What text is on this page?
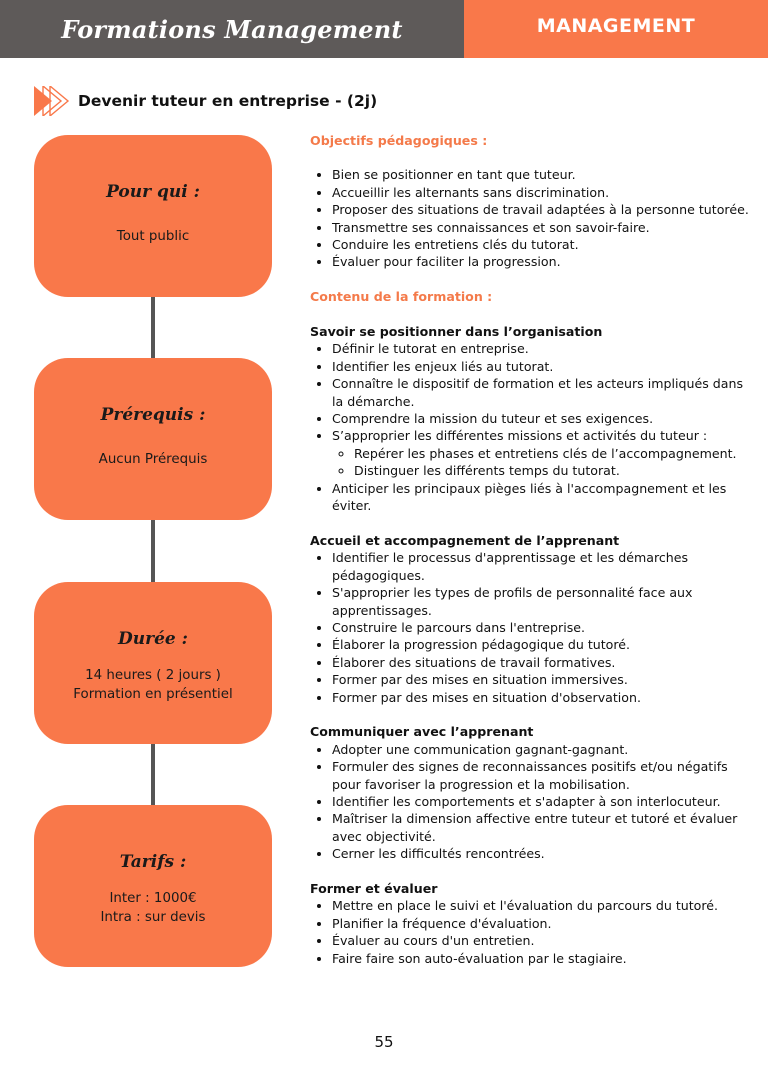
Formations Management	MANAGEMENT
Devenir tuteur en entreprise - (2j)
Pour qui :
Tout public
Prérequis :
Aucun Prérequis
Durée :
14 heures ( 2 jours )
Formation en présentiel
Tarifs :
Inter : 1000€
Intra : sur devis
Objectifs pédagogiques :
• Bien se positionner en tant que tuteur.
• Accueillir les alternants sans discrimination.
• Proposer des situations de travail adaptées à la personne tutorée.
• Transmettre ses connaissances et son savoir-faire.
• Conduire les entretiens clés du tutorat.
• Évaluer pour faciliter la progression.
Contenu de la formation :
Savoir se positionner dans l’organisation
• Définir le tutorat en entreprise.
• Identifier les enjeux liés au tutorat.
• Connaître le dispositif de formation et les acteurs impliqués dans la démarche.
• Comprendre la mission du tuteur et ses exigences.
• S’approprier les différentes missions et activités du tuteur :
◦ Repérer les phases et entretiens clés de l’accompagnement.
◦ Distinguer les différents temps du tutorat.
• Anticiper les principaux pièges liés à l'accompagnement et les éviter.
Accueil et accompagnement de l’apprenant
• Identifier le processus d'apprentissage et les démarches pédagogiques.
• S'approprier les types de profils de personnalité face aux apprentissages.
• Construire le parcours dans l'entreprise.
• Élaborer la progression pédagogique du tutoré.
• Élaborer des situations de travail formatives.
• Former par des mises en situation immersives.
• Former par des mises en situation d'observation.
Communiquer avec l’apprenant
• Adopter une communication gagnant-gagnant.
• Formuler des signes de reconnaissances positifs et/ou négatifs pour favoriser la progression et la mobilisation.
• Identifier les comportements et s'adapter à son interlocuteur.
• Maîtriser la dimension affective entre tuteur et tutoré et évaluer avec objectivité.
• Cerner les difficultés rencontrées.
Former et évaluer
• Mettre en place le suivi et l'évaluation du parcours du tutoré.
• Planifier la fréquence d'évaluation.
• Évaluer au cours d'un entretien.
• Faire faire son auto-évaluation par le stagiaire.
55
